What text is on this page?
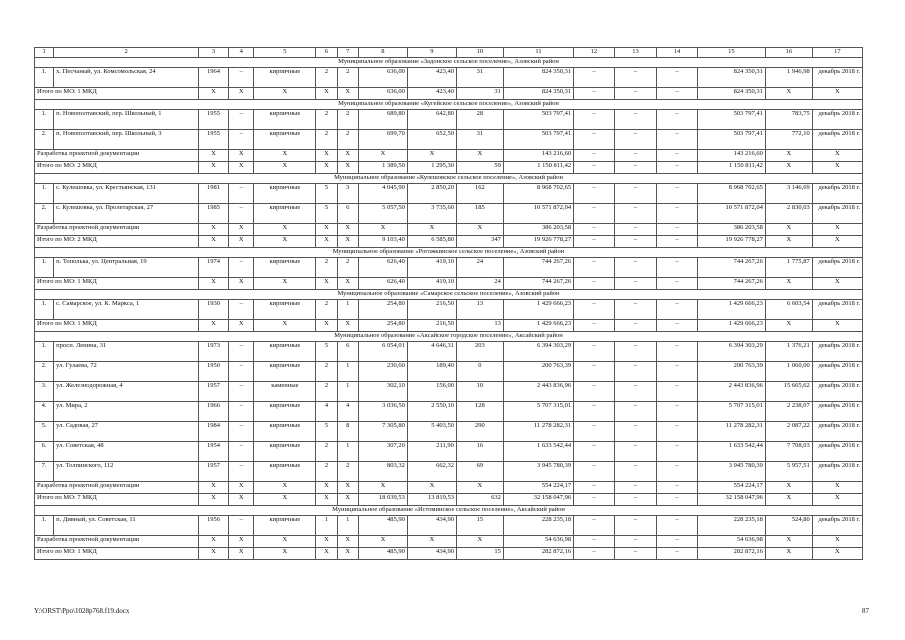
1	2	3	4	5	6	7	8	9	10	11	12	13	14	15	16	17
Муниципальное образование «Задонское сельское поселение», Азовский район																
1.	х. Песчаный, ул. Комсомольская, 24	1964	–	кирпичные	2	2	636,00	423,40	31	824 350,31	–	–	–	824 350,31	1 946,98	декабрь 2018 г.
Итого по МО: 1 МКД		X	X	X	X	X	636,00	423,40	31	824 350,31	–	–	–	824 350,31	X	X
Муниципальное образование «Кугейское сельское поселение», Азовский район																
1.	п. Новополтавский, пер. Школьный, 1	1955	–	кирпичные	2	2	689,80	642,80	28	503 797,41	–	–	–	503 797,41	783,75	декабрь 2018 г.
2.	п. Новополтавский, пер. Школьный, 3	1955	–	кирпичные	2	2	699,70	652,50	31	503 797,41	–	–	–	503 797,41	772,10	декабрь 2018 г.
Разработка проектной документации		X	X	X	X	X	X	X	X	143 216,60	–	–	–	143 216,60	X	X
Итого по МО: 2 МКД		X	X	X	X	X	1 389,50	1 295,30	59	1 150 811,42	–	–	–	1 150 811,42	X	X
Муниципальное образование «Кулешовское сельское поселение», Азовский район																
1.	с. Кулешовка, ул. Крестьянская, 131	1981	–	кирпичные	5	3	4 045,90	2 850,20	162	8 968 702,65	–	–	–	8 968 702,65	3 146,69	декабрь 2018 г.
2.	с. Кулешовка, ул. Пролетарская, 27	1985	–	кирпичные	5	6	5 057,50	3 735,60	185	10 571 872,04	–	–	–	10 571 872,04	2 830,03	декабрь 2018 г.
Разработка проектной документации		X	X	X	X	X	X	X	X	386 203,58	–	–	–	386 203,58	X	X
Итого по МО: 2 МКД		X	X	X	X	X	9 103,40	6 585,80	347	19 926 778,27	–	–	–	19 926 778,27	X	X
Муниципальное образование «Рогожкинское сельское поселение», Азовский район																
1.	п. Тополька, ул. Центральная, 19	1974	–	кирпичные	2	2	626,40	419,10	24	744 267,26	–	–	–	744 267,26	1 775,87	декабрь 2018 г.
Итого по МО: 1 МКД		X	X	X	X	X	626,40	419,10	24	744 267,26	–	–	–	744 267,26	X	X
Муниципальное образование «Самарское сельское поселение», Азовский район																
1.	с. Самарское, ул. К. Маркса, 1	1930	–	кирпичные	2	1	254,80	216,50	13	1 429 666,23	–	–	–	1 429 666,23	6 603,54	декабрь 2018 г.
Итого по МО: 1 МКД		X	X	X	X	X	254,80	216,50	13	1 429 666,23	–	–	–	1 429 666,23	X	X
Муниципальное образование «Аксайское городское поселение», Аксайский район																
1.	просп. Ленина, 31	1973	–	кирпичные	5	6	6 054,01	4 646,31	203	6 394 303,29	–	–	–	6 394 303,29	1 376,21	декабрь 2018 г.
2.	ул. Гулаева, 72	1950	–	кирпичные	2	1	230,60	189,40	0	200 763,39	–	–	–	200 763,39	1 060,00	декабрь 2018 г.
3.	ул. Железнодорожная, 4	1957	–	каменные	2	1	302,10	156,00	10	2 443 836,96	–	–	–	2 443 836,96	15 665,62	декабрь 2018 г.
4.	ул. Мира, 2	1966	–	кирпичные	4	4	3 036,50	2 550,10	128	5 707 315,01	–	–	–	5 707 315,01	2 238,07	декабрь 2018 г.
5.	ул. Садовая, 27	1984	–	кирпичные	5	8	7 305,80	5 403,50	290	11 278 282,31	–	–	–	11 278 282,31	2 087,22	декабрь 2018 г.
6.	ул. Советская, 48	1954	–	кирпичные	2	1	307,20	211,90	16	1 633 542,44	–	–	–	1 633 542,44	7 708,03	декабрь 2018 г.
7.	ул. Толпинского, 112	1957	–	кирпичные	2	2	803,32	662,32	69	3 945 780,39	–	–	–	3 945 780,39	5 957,51	декабрь 2018 г.
Разработка проектной документации		X	X	X	X	X	X	X	X	554 224,17	–	–	–	554 224,17	X	X
Итого по МО: 7 МКД		X	X	X	X	X	18 039,53	13 819,53	632	32 158 047,96	–	–	–	32 158 047,96	X	X
Муниципальное образование «Истоминское сельское поселение», Аксайский район																
1.	п. Дивный, ул. Советская, 11	1956	–	кирпичные	1	1	485,90	434,90	15	228 235,18	–	–	–	228 235,18	524,80	декабрь 2018 г.
Разработка проектной документации		X	X	X	X	X	X	X	X	54 636,98	–	–	–	54 636,98	X	X
Итого по МО: 1 МКД		X	X	X	X	X	485,90	434,90	15	282 872,16	–	–	–	282 872,16	X	X
Y:\ORST\Ppo\1028p768.f19.docx	87
